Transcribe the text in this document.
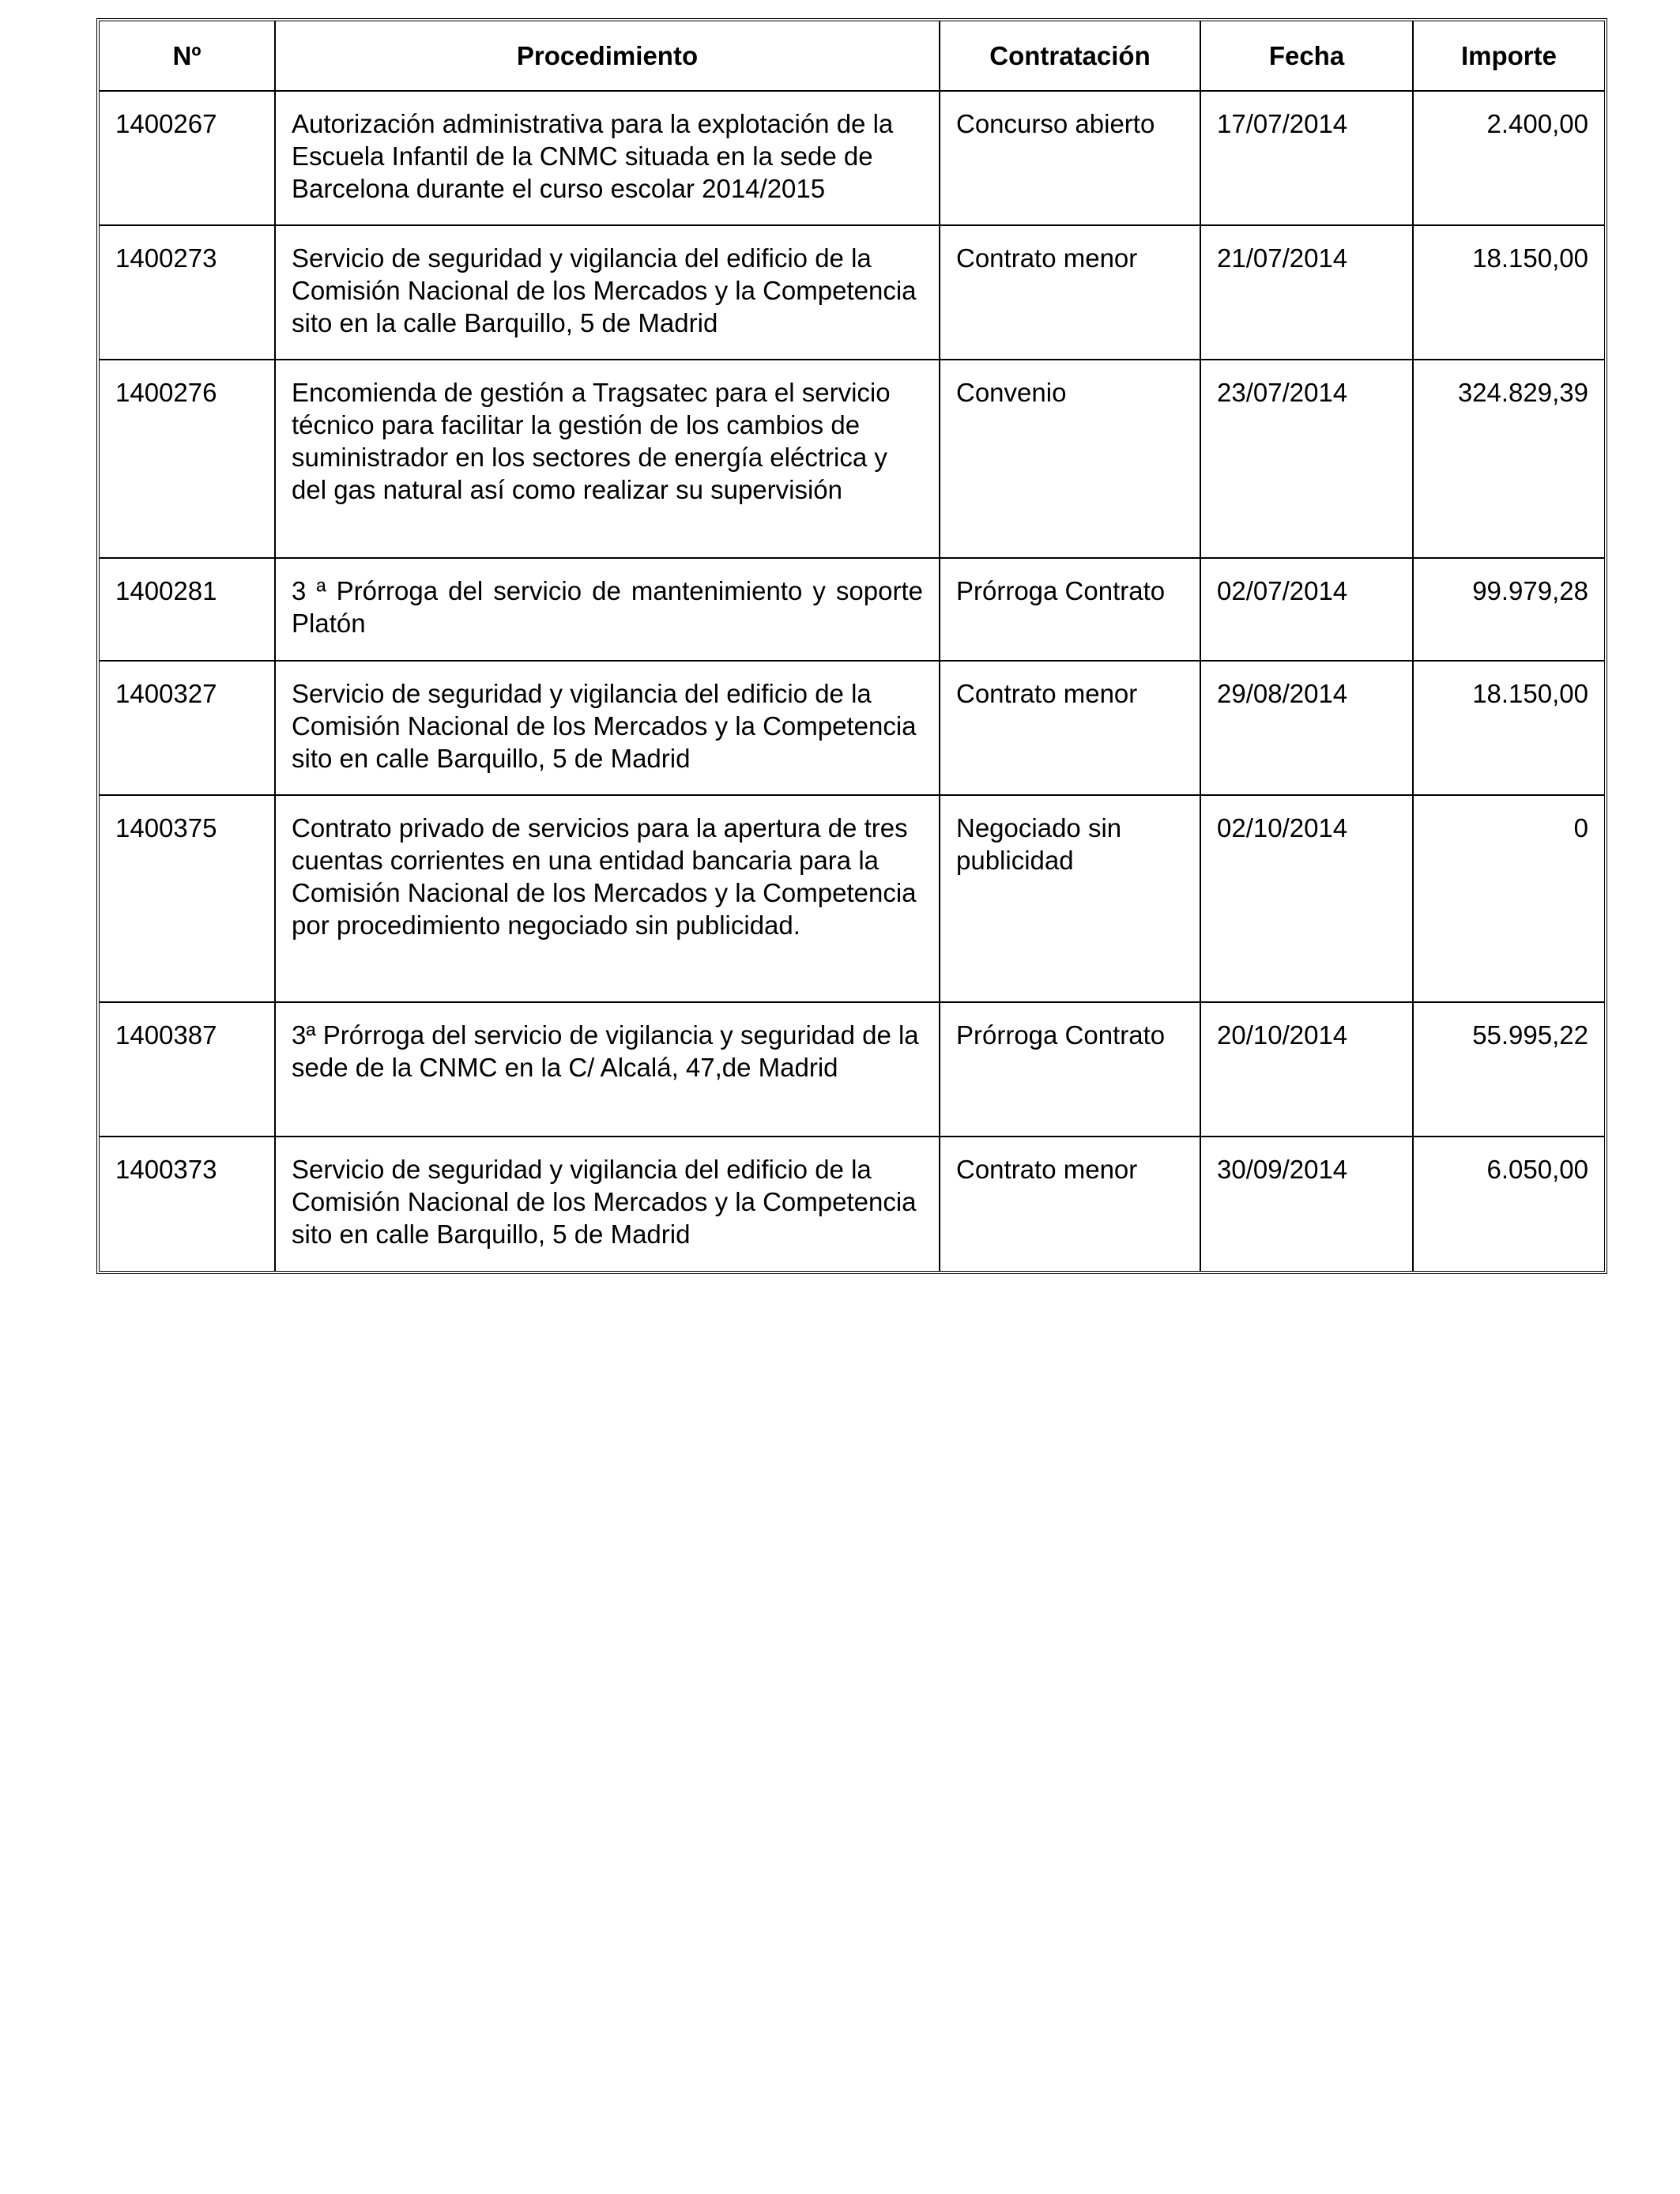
Nº	Procedimiento	Contratación	Fecha	Importe
1400267	Autorización administrativa para la explotación de la Escuela Infantil de la CNMC situada en la sede de Barcelona durante el curso escolar 2014/2015	Concurso abierto	17/07/2014	2.400,00
1400273	Servicio de seguridad y vigilancia del edificio de la Comisión Nacional de los Mercados y la Competencia sito en la calle Barquillo, 5 de Madrid	Contrato menor	21/07/2014	18.150,00
1400276	Encomienda de gestión a Tragsatec para el servicio técnico para facilitar la gestión de los cambios de suministrador en los sectores de energía eléctrica y del gas natural así como realizar su supervisión	Convenio	23/07/2014	324.829,39
1400281	3 ª Prórroga del servicio de mantenimiento y soporte Platón	Prórroga Contrato	02/07/2014	99.979,28
1400327	Servicio de seguridad y vigilancia del edificio de la Comisión Nacional de los Mercados y la Competencia sito en calle Barquillo, 5 de Madrid	Contrato menor	29/08/2014	18.150,00
1400375	Contrato privado de servicios para la apertura de tres cuentas corrientes en una entidad bancaria para la Comisión Nacional de los Mercados y la Competencia por procedimiento negociado sin publicidad.	Negociado sin publicidad	02/10/2014	0
1400387	3ª Prórroga del servicio de vigilancia y seguridad de la sede de la CNMC en la C/ Alcalá, 47,de Madrid	Prórroga Contrato	20/10/2014	55.995,22
1400373	Servicio de seguridad y vigilancia del edificio de la Comisión Nacional de los Mercados y la Competencia sito en calle Barquillo, 5 de Madrid	Contrato menor	30/09/2014	6.050,00
